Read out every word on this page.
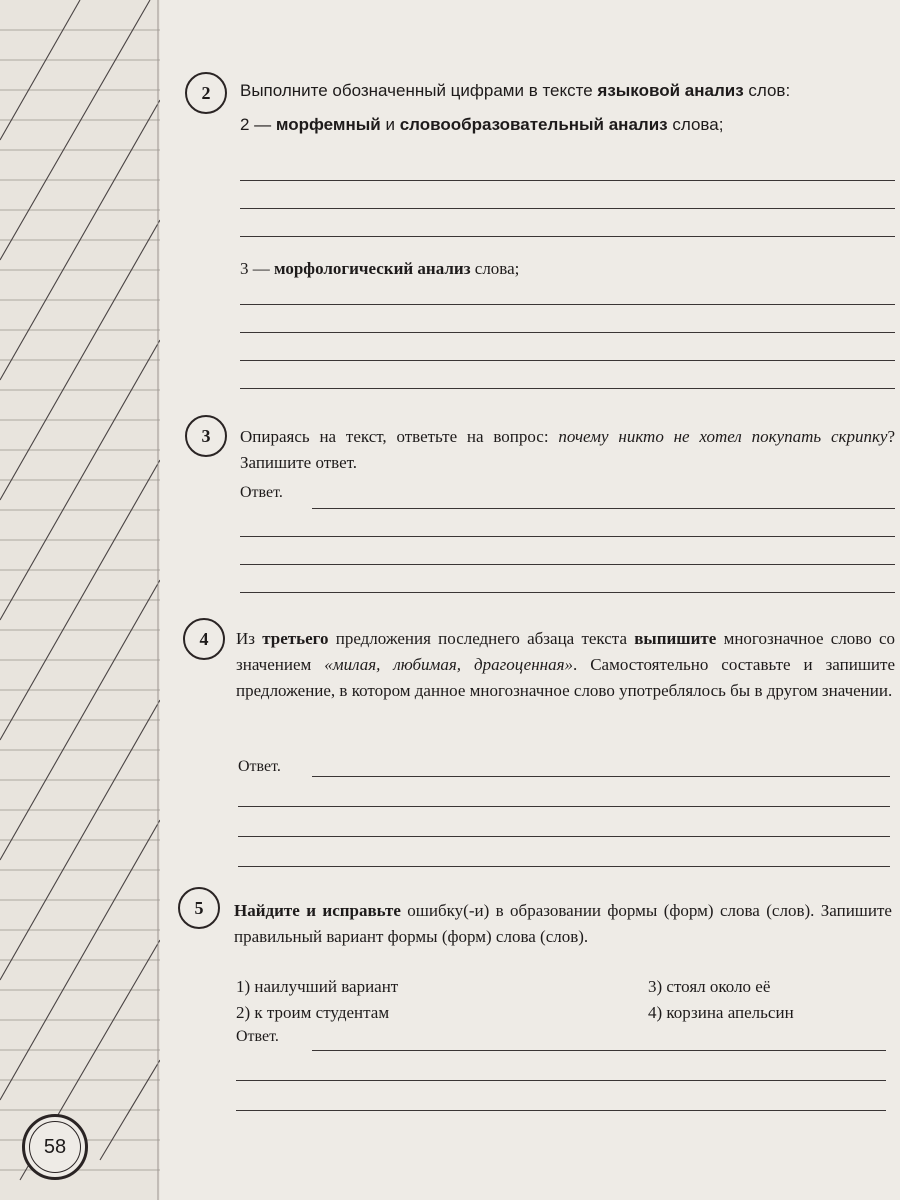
2 Выполните обозначенный цифрами в тексте языковой анализ слов:

2 — морфемный и словообразовательный анализ слова;

3 — морфологический анализ слова;

3 Опираясь на текст, ответьте на вопрос: почему никто не хотел покупать скрипку? Запишите ответ.

Ответ.
4 Из третьего предложения последнего абзаца текста выпишите многозначное слово со значением «милая, любимая, драгоценная». Самостоятельно составьте и запишите предложение, в котором данное многозначное слово употреблялось бы в другом значении.

Ответ.
5 Найдите и исправьте ошибку(-и) в образовании формы (форм) слова (слов). Запишите правильный вариант формы (форм) слова (слов).

1) наилучший вариант
2) к троим студентам
3) стоял около её
4) корзина апельсин
Ответ.
58
